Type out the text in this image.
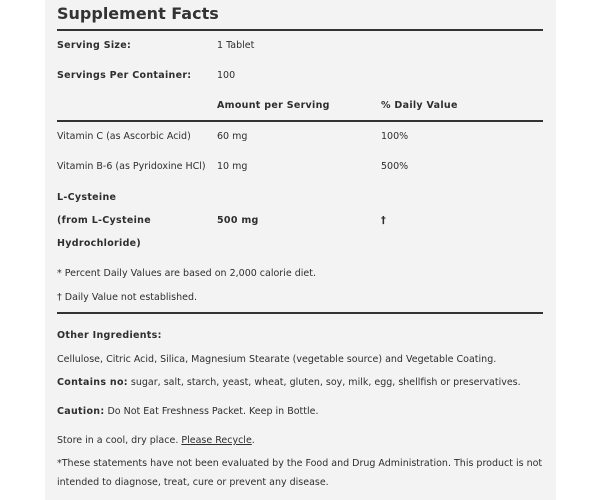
Supplement Facts
Serving Size:	1 Tablet
Servings Per Container:	100
Amount per Serving	% Daily Value
Vitamin C (as Ascorbic Acid)	60 mg	100%
Vitamin B-6 (as Pyridoxine HCl) 10 mg	500%
L-Cysteine
(from L-Cysteine
Hydrochloride)
500 mg	†
* Percent Daily Values are based on 2,000 calorie diet.
† Daily Value not established.
Other Ingredients:
Cellulose, Citric Acid, Silica, Magnesium Stearate (vegetable source) and Vegetable Coating.
Contains no: sugar, salt, starch, yeast, wheat, gluten, soy, milk, egg, shellfish or preservatives.
Caution: Do Not Eat Freshness Packet. Keep in Bottle.
Store in a cool, dry place. Please Recycle.
*These statements have not been evaluated by the Food and Drug Administration. This product is not
intended to diagnose, treat, cure or prevent any disease.
